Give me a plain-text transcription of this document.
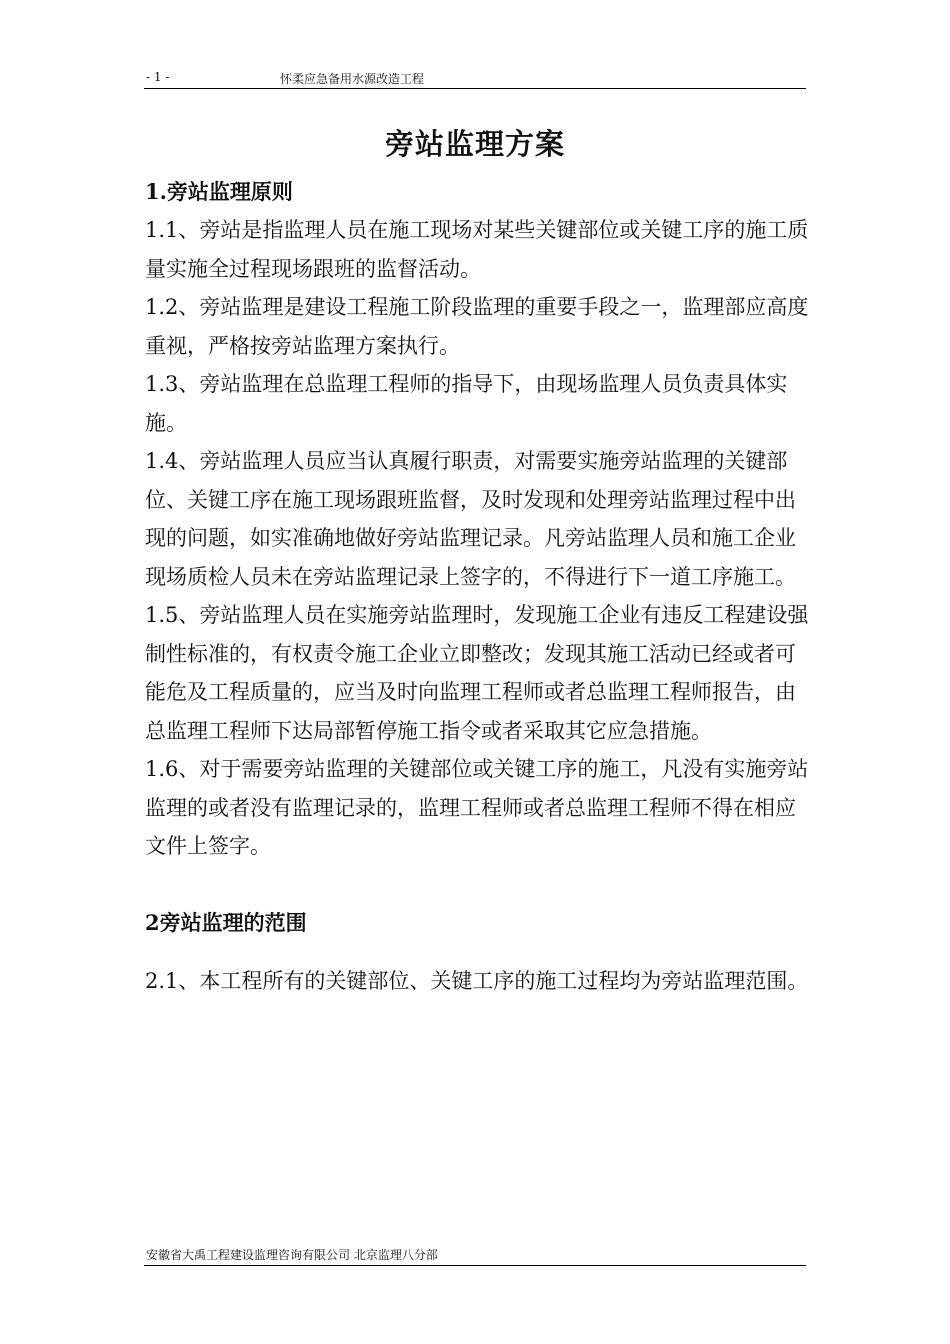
- 1 -	怀柔应急备用水源改造工程
旁站监理方案
1.旁站监理原则
1.1、旁站是指监理人员在施工现场对某些关键部位或关键工序的施工质量实施全过程现场跟班的监督活动。
1.2、旁站监理是建设工程施工阶段监理的重要手段之一，监理部应高度重视，严格按旁站监理方案执行。
1.3、旁站监理在总监理工程师的指导下，由现场监理人员负责具体实施。
1.4、旁站监理人员应当认真履行职责，对需要实施旁站监理的关键部位、关键工序在施工现场跟班监督，及时发现和处理旁站监理过程中出现的问题，如实准确地做好旁站监理记录。凡旁站监理人员和施工企业现场质检人员未在旁站监理记录上签字的，不得进行下一道工序施工。
1.5、旁站监理人员在实施旁站监理时，发现施工企业有违反工程建设强制性标准的，有权责令施工企业立即整改；发现其施工活动已经或者可能危及工程质量的，应当及时向监理工程师或者总监理工程师报告，由总监理工程师下达局部暂停施工指令或者采取其它应急措施。
1.6、对于需要旁站监理的关键部位或关键工序的施工，凡没有实施旁站监理的或者没有监理记录的，监理工程师或者总监理工程师不得在相应文件上签字。
2旁站监理的范围
2.1、本工程所有的关键部位、关键工序的施工过程均为旁站监理范围。
安徽省大禹工程建设监理咨询有限公司 北京监理八分部
